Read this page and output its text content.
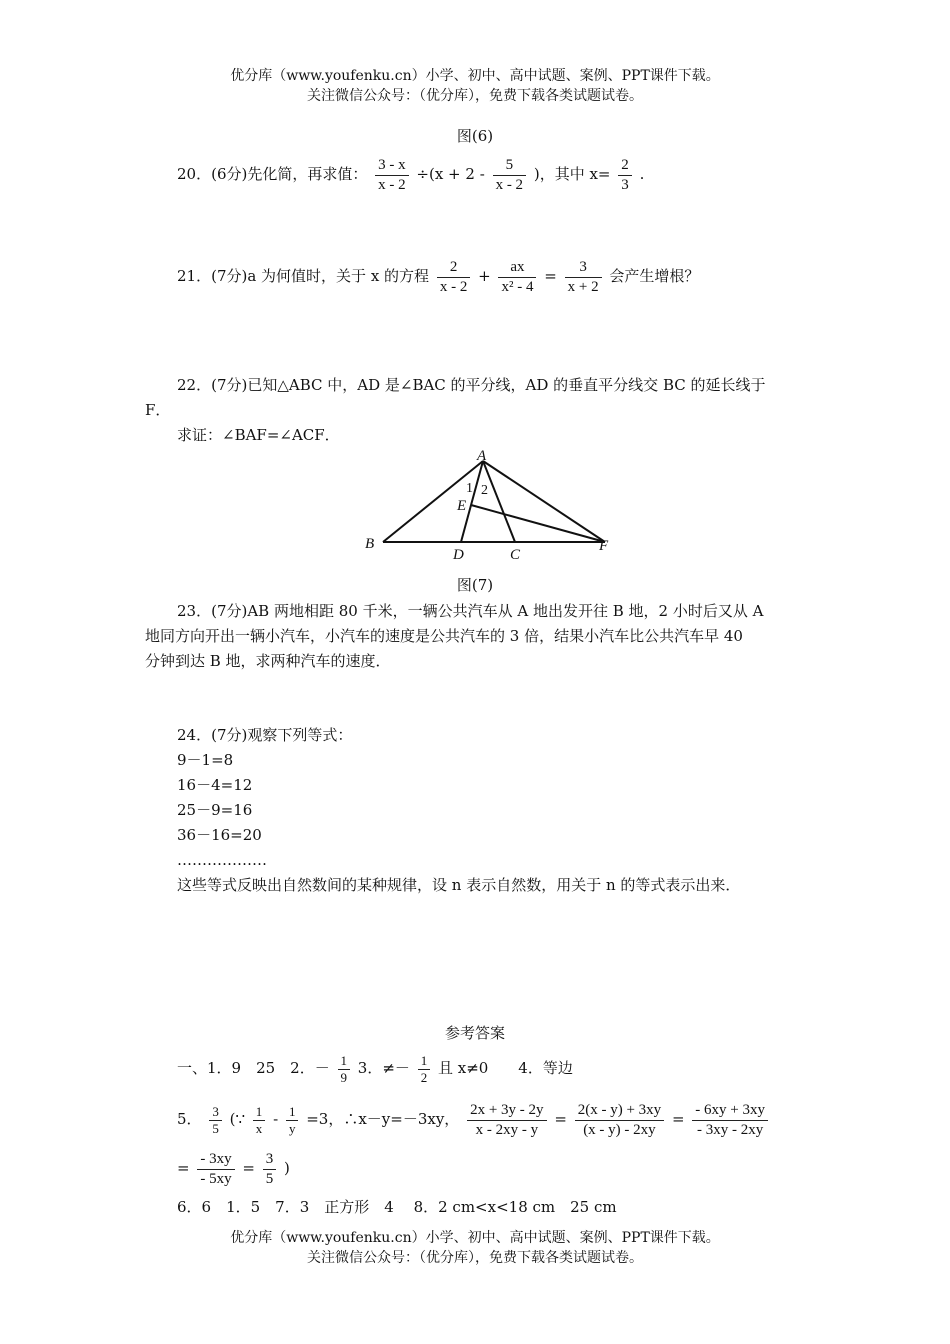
优分库（www.youfenku.cn）小学、初中、高中试题、案例、PPT课件下载。
关注微信公众号：（优分库），免费下载各类试题试卷。
图(6)
20．(6分)先化简，再求值： $\frac{3 - x}{x - 2} \div(x + 2 - \frac{5}{x - 2}$ )，其中 $x= \frac{2}{3}$ .
21．(7分)a 为何值时，关于 x 的方程 $\frac{2}{x - 2} + \frac{ax}{\text{x² - 4}} = \frac{3}{x + 2}$ 会产生增根？
22．(7分)已知△ABC 中，AD 是∠BAC 的平分线，AD 的垂直平分线交 BC 的延长线于
F．
求证：∠BAF=∠ACF．
A
B
C
D
E
F
1 2
图(7)
23．(7分)AB 两地相距 80 千米，一辆公共汽车从 A 地出发开往 B 地，2 小时后又从 A
地同方向开出一辆小汽车，小汽车的速度是公共汽车的 3 倍，结果小汽车比公共汽车早 40
分钟到达 B 地，求两种汽车的速度．
24．(7分)观察下列等式：
9－1=8
16－4=12
25－9=16
36－16=20
………………
这些等式反映出自然数间的某种规律，设 n 表示自然数，用关于 n 的等式表示出来．
参考答案
一、1．9　25　2．－ $\frac{1}{9} 3$．≠－ $\frac{1}{2}$ 且 x≠0　　4．等边
5． $\frac{3}{5}$ (∵ $\frac{1}{x} - \frac{1}{y} =3$，∴x－y=－3xy， $\frac{2x + 3y - 2y}{x - 2xy - y} = \frac{2(x - y) + 3xy}{(x - y) - 2xy} = \frac{- 6xy + 3xy}{- 3xy - 2xy}$
= $\frac{- 3xy}{- 5xy} = \frac{3}{5}$ )
6．6　1．5　7．3　正方形　4　 8．2 cm<x<18 cm　25 cm
优分库（www.youfenku.cn）小学、初中、高中试题、案例、PPT课件下载。
关注微信公众号：（优分库），免费下载各类试题试卷。
